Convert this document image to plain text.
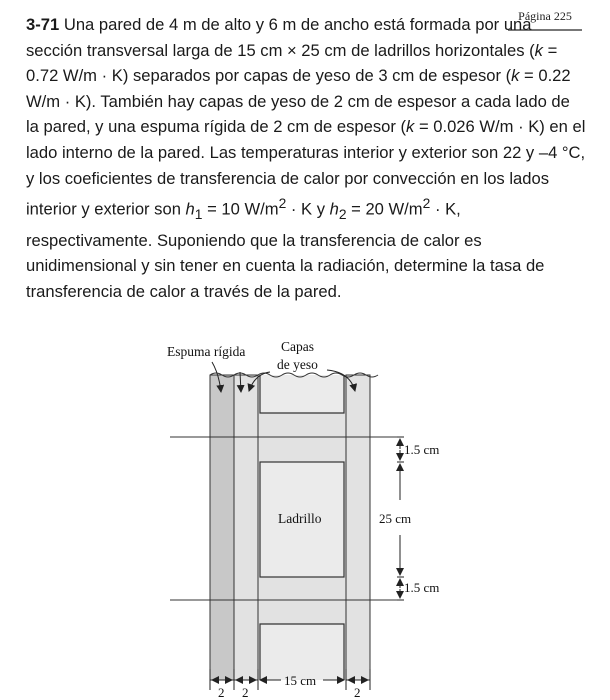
Página 225
3-71 Una pared de 4 m de alto y 6 m de ancho está formada por una sección transversal larga de 15 cm × 25 cm de ladrillos horizontales (k = 0.72 W/m · K) separados por capas de yeso de 3 cm de espesor (k = 0.22 W/m · K). También hay capas de yeso de 2 cm de espesor a cada lado de la pared, y una espuma rígida de 2 cm de espesor (k = 0.026 W/m · K) en el lado interno de la pared. Las temperaturas interior y exterior son 22 y –4 °C, y los coeficientes de transferencia de calor por convección en los lados interior y exterior son $h_1 = 10$ $W/m^2 \cdot K$ y $h_2 = 20$ $W/m^2 \cdot K$, respectivamente. Suponiendo que la transferencia de calor es unidimensional y sin tener en cuenta la radiación, determine la tasa de transferencia de calor a través de la pared.
Espuma rígida	Capas
de yeso
Ladrillo
1.5 cm
25 cm
1.5 cm
15 cm
2 2	2
